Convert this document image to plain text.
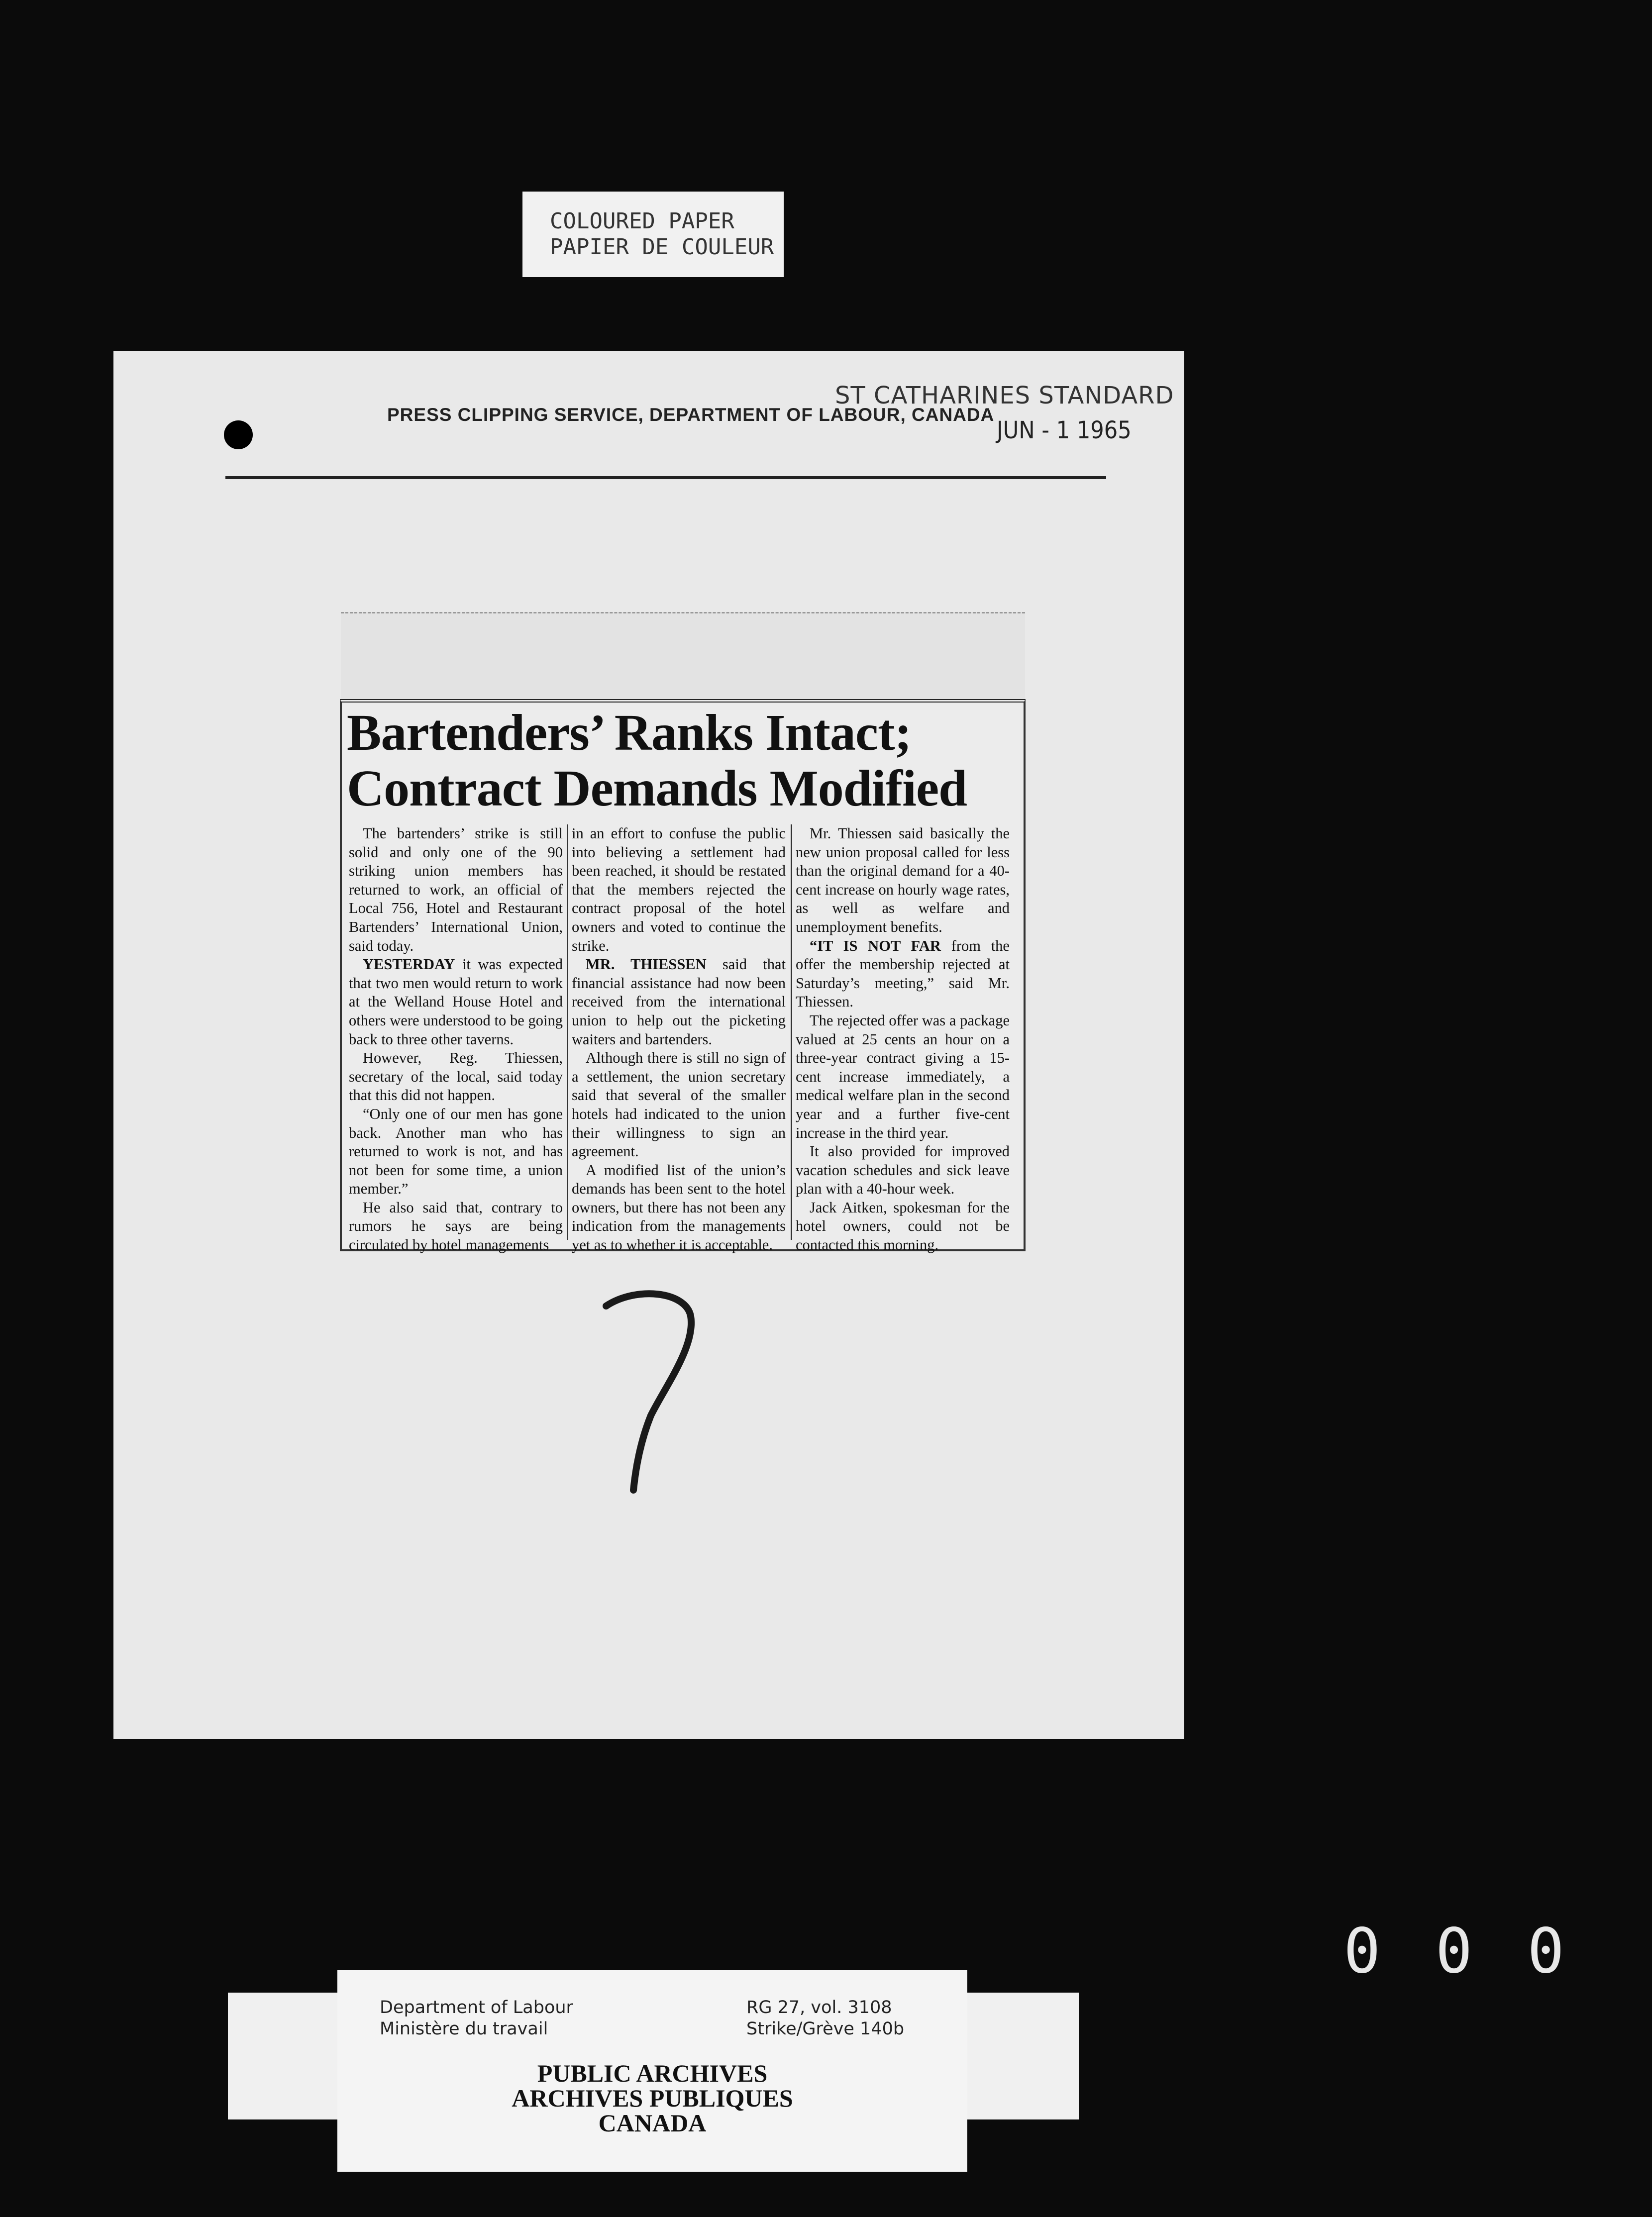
COLOURED PAPER
PAPIER DE COULEUR
ST CATHARINES STANDARD
PRESS CLIPPING SERVICE, DEPARTMENT OF LABOUR, CANADA
JUN - 1 1965
Bartenders’ Ranks Intact;
Contract Demands Modified

The bartenders’ strike is still solid and only one of the 90 striking union members has returned to work, an official of Local 756, Hotel and Restaurant Bartenders’ International Union, said today.

YESTERDAY it was expected that two men would return to work at the Welland House Hotel and others were understood to be going back to three other taverns.

However, Reg. Thiessen, secretary of the local, said today that this did not happen.

“Only one of our men has gone back. Another man who has returned to work is not, and has not been for some time, a union member.”

He also said that, contrary to rumors he says are being circulated by hotel managements

in an effort to confuse the public into believing a settlement had been reached, it should be restated that the members rejected the contract proposal of the hotel owners and voted to continue the strike.

MR. THIESSEN said that financial assistance had now been received from the international union to help out the picketing waiters and bartenders.

Although there is still no sign of a settlement, the union secretary said that several of the smaller hotels had indicated to the union their willingness to sign an agreement.

A modified list of the union’s demands has been sent to the hotel owners, but there has not been any indication from the managements yet as to whether it is acceptable.

Mr. Thiessen said basically the new union proposal called for less than the original demand for a 40-cent increase on hourly wage rates, as well as welfare and unemployment benefits.

“IT IS NOT FAR from the offer the membership rejected at Saturday’s meeting,” said Mr. Thiessen.

The rejected offer was a package valued at 25 cents an hour on a three-year contract giving a 15-cent increase immediately, a medical welfare plan in the second year and a further five-cent increase in the third year.

It also provided for improved vacation schedules and sick leave plan with a 40-hour week.

Jack Aitken, spokesman for the hotel owners, could not be contacted this morning.

000
Department of Labour
Ministère du travail
RG 27, vol. 3108
Strike/Grève 140b
PUBLIC ARCHIVES
ARCHIVES PUBLIQUES
CANADA
